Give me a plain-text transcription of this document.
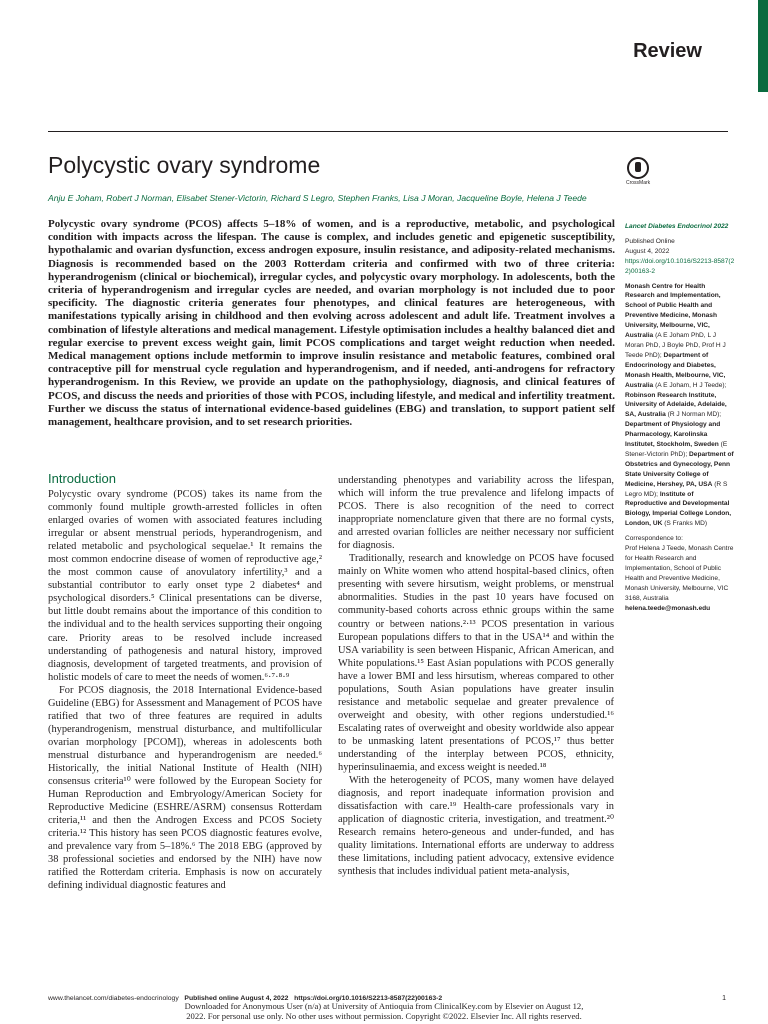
Review
Polycystic ovary syndrome
CrossMark
Anju E Joham, Robert J Norman, Elisabet Stener-Victorin, Richard S Legro, Stephen Franks, Lisa J Moran, Jacqueline Boyle, Helena J Teede

Polycystic ovary syndrome (PCOS) affects 5–18% of women, and is a reproductive, metabolic, and psychological condition with impacts across the lifespan. The cause is complex, and includes genetic and epigenetic susceptibility, hypothalamic and ovarian dysfunction, excess androgen exposure, insulin resistance, and adiposity-related mechanisms. Diagnosis is recommended based on the 2003 Rotterdam criteria and confirmed with two of three criteria: hyperandrogenism (clinical or biochemical), irregular cycles, and polycystic ovary morphology. In adolescents, both the criteria of hyperandrogenism and irregular cycles are needed, and ovarian morphology is not included due to poor specificity. The diagnostic criteria generates four phenotypes, and clinical features are heterogeneous, with manifestations typically arising in childhood and then evolving across adolescent and adult life. Treatment involves a combination of lifestyle alterations and medical management. Lifestyle optimisation includes a healthy balanced diet and regular exercise to prevent excess weight gain, limit PCOS complications and target weight reduction when needed. Medical management options include metformin to improve insulin resistance and metabolic features, combined oral contraceptive pill for menstrual cycle regulation and hyperandrogenism, and if needed, anti-androgens for refractory hyperandrogenism. In this Review, we provide an update on the pathophysiology, diagnosis, and clinical features of PCOS, and discuss the needs and priorities of those with PCOS, including lifestyle, and medical and infertility treatment. Further we discuss the status of international evidence-based guidelines (EBG) and translation, to support patient self management, healthcare provision, and to set research priorities.

Lancet Diabetes Endocrinol 2022

Published Online
August 4, 2022
https://doi.org/10.1016/S2213-8587(22)00163-2

Monash Centre for Health Research and Implementation, School of Public Health and Preventive Medicine, Monash University, Melbourne, VIC, Australia (A E Joham PhD, L J Moran PhD, J Boyle PhD, Prof H J Teede PhD); Department of Endocrinology and Diabetes, Monash Health, Melbourne, VIC, Australia (A E Joham, H J Teede); Robinson Research Institute, University of Adelaide, Adelaide, SA, Australia (R J Norman MD); Department of Physiology and Pharmacology, Karolinska Institutet, Stockholm, Sweden (E Stener-Victorin PhD); Department of Obstetrics and Gynecology, Penn State University College of Medicine, Hershey, PA, USA (R S Legro MD); Institute of Reproductive and Developmental Biology, Imperial College London, London, UK (S Franks MD)

Correspondence to:
Prof Helena J Teede, Monash Centre for Health Research and Implementation, School of Public Health and Preventive Medicine, Monash University, Melbourne, VIC 3168, Australia
helena.teede@monash.edu

Introduction

Polycystic ovary syndrome (PCOS) takes its name from the commonly found multiple growth-arrested follicles in often enlarged ovaries of women with associated features including irregular or absent menstrual periods, hyperandrogenism, and related metabolic and psychological sequelae.¹ It remains the most common endocrine disease of women of reproductive age,² the most common cause of anovulatory infertility,³ and a substantial contributor to early onset type 2 diabetes⁴ and psychological disorders.⁵ Clinical presentations can be diverse, but little doubt remains about the importance of this condition to the individual and to the health services supporting their ongoing care. Priority areas to be resolved include increased understanding of pathogenesis and natural history, improved diagnosis, development of targeted treatments, and provision of holistic models of care to meet the needs of women.⁶·⁷·⁸·⁹

For PCOS diagnosis, the 2018 International Evidence-based Guideline (EBG) for Assessment and Management of PCOS have ratified that two of three features are required in adults (hyperandrogenism, menstrual disturbance, and multifollicular ovarian morphology [PCOM]), whereas in adolescents both menstrual disturbance and hyperandrogenism are needed.⁶ Historically, the initial National Institute of Health (NIH) consensus criteria¹⁰ were followed by the European Society for Human Reproduction and Embryology/American Society for Reproductive Medicine (ESHRE/ASRM) consensus Rotterdam criteria,¹¹ and then the Androgen Excess and PCOS Society criteria.¹² This history has seen PCOS diagnostic features evolve, and prevalence vary from 5–18%.⁶ The 2018 EBG (approved by 38 professional societies and endorsed by the NIH) have now ratified the Rotterdam criteria. Emphasis is now on accurately defining individual diagnostic features and

understanding phenotypes and variability across the lifespan, which will inform the true prevalence and lifelong impacts of PCOS. There is also recognition of the need to correct inappropriate nomenclature given that there are no formal cysts, and arrested ovarian follicles are neither necessary nor sufficient for diagnosis.

Traditionally, research and knowledge on PCOS have focused mainly on White women who attend hospital-based clinics, often presenting with severe hirsutism, weight problems, or menstrual abnormalities. Studies in the past 10 years have focused on community-based cohorts across ethnic groups within the same country or between nations.²·¹³ PCOS presentation in various European populations differs to that in the USA¹⁴ and within the USA variability is seen between Hispanic, African American, and White populations.¹⁵ East Asian populations with PCOS generally have a lower BMI and less hirsutism, whereas compared to other populations, South Asian populations have greater insulin resistance and metabolic sequelae and greater prevalence of overweight and obesity, with other regions understudied.¹⁶ Escalating rates of overweight and obesity worldwide also appear to be unmasking latent presentations of PCOS,¹⁷ thus better understanding of the interplay between PCOS, ethnicity, hyperinsulinaemia, and excess weight is needed.¹⁸

With the heterogeneity of PCOS, many women have delayed diagnosis, and report inadequate information provision and dissatisfaction with care.¹⁹ Health-care professionals vary in application of diagnostic criteria, investigation, and treatment.²⁰ Research remains hetero-geneous and under-funded, and has quality limitations. International efforts are underway to address these limitations, including patient advocacy, extensive evidence synthesis that includes individual patient meta-analysis,

www.thelancet.com/diabetes-endocrinology Published online August 4, 2022 https://doi.org/10.1016/S2213-8587(22)00163-2	1
Downloaded for Anonymous User (n/a) at University of Antioquia from ClinicalKey.com by Elsevier on August 12,
2022. For personal use only. No other uses without permission. Copyright ©2022. Elsevier Inc. All rights reserved.
